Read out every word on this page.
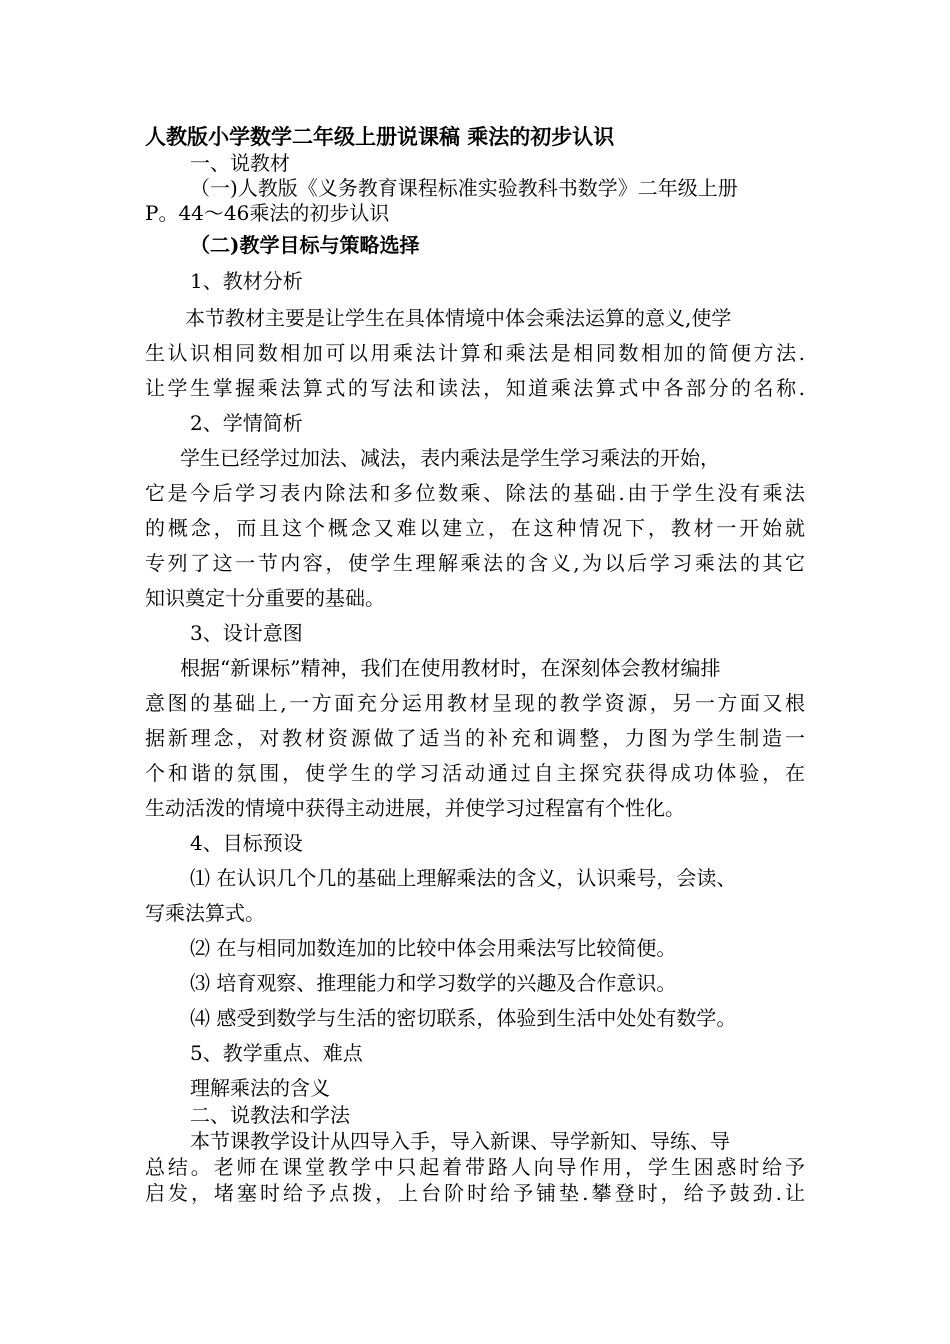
人教版小学数学二年级上册说课稿 乘法的初步认识
一、说教材
（一)人教版《义务教育课程标准实验教科书数学》二年级上册
P。44～46乘法的初步认识
（二)教学目标与策略选择
1、教材分析
本节教材主要是让学生在具体情境中体会乘法运算的意义,使学
生认识相同数相加可以用乘法计算和乘法是相同数相加的简便方法.
让学生掌握乘法算式的写法和读法，知道乘法算式中各部分的名称.
2、学情简析
学生已经学过加法、减法，表内乘法是学生学习乘法的开始，
它是今后学习表内除法和多位数乘、除法的基础.由于学生没有乘法
的概念，而且这个概念又难以建立，在这种情况下，教材一开始就
专列了这一节内容，使学生理解乘法的含义,为以后学习乘法的其它
知识奠定十分重要的基础。
3、设计意图
根据“新课标”精神，我们在使用教材时，在深刻体会教材编排
意图的基础上,一方面充分运用教材呈现的教学资源，另一方面又根
据新理念，对教材资源做了适当的补充和调整，力图为学生制造一
个和谐的氛围，使学生的学习活动通过自主探究获得成功体验，在
生动活泼的情境中获得主动进展，并使学习过程富有个性化。
4、目标预设
⑴ 在认识几个几的基础上理解乘法的含义，认识乘号，会读、
写乘法算式。
⑵ 在与相同加数连加的比较中体会用乘法写比较简便。
⑶ 培育观察、推理能力和学习数学的兴趣及合作意识。
⑷ 感受到数学与生活的密切联系，体验到生活中处处有数学。
5、教学重点、难点
理解乘法的含义
二、说教法和学法
本节课教学设计从四导入手，导入新课、导学新知、导练、导
总结。老师在课堂教学中只起着带路人向导作用，学生困惑时给予
启发，堵塞时给予点拨，上台阶时给予铺垫.攀登时，给予鼓劲.让
